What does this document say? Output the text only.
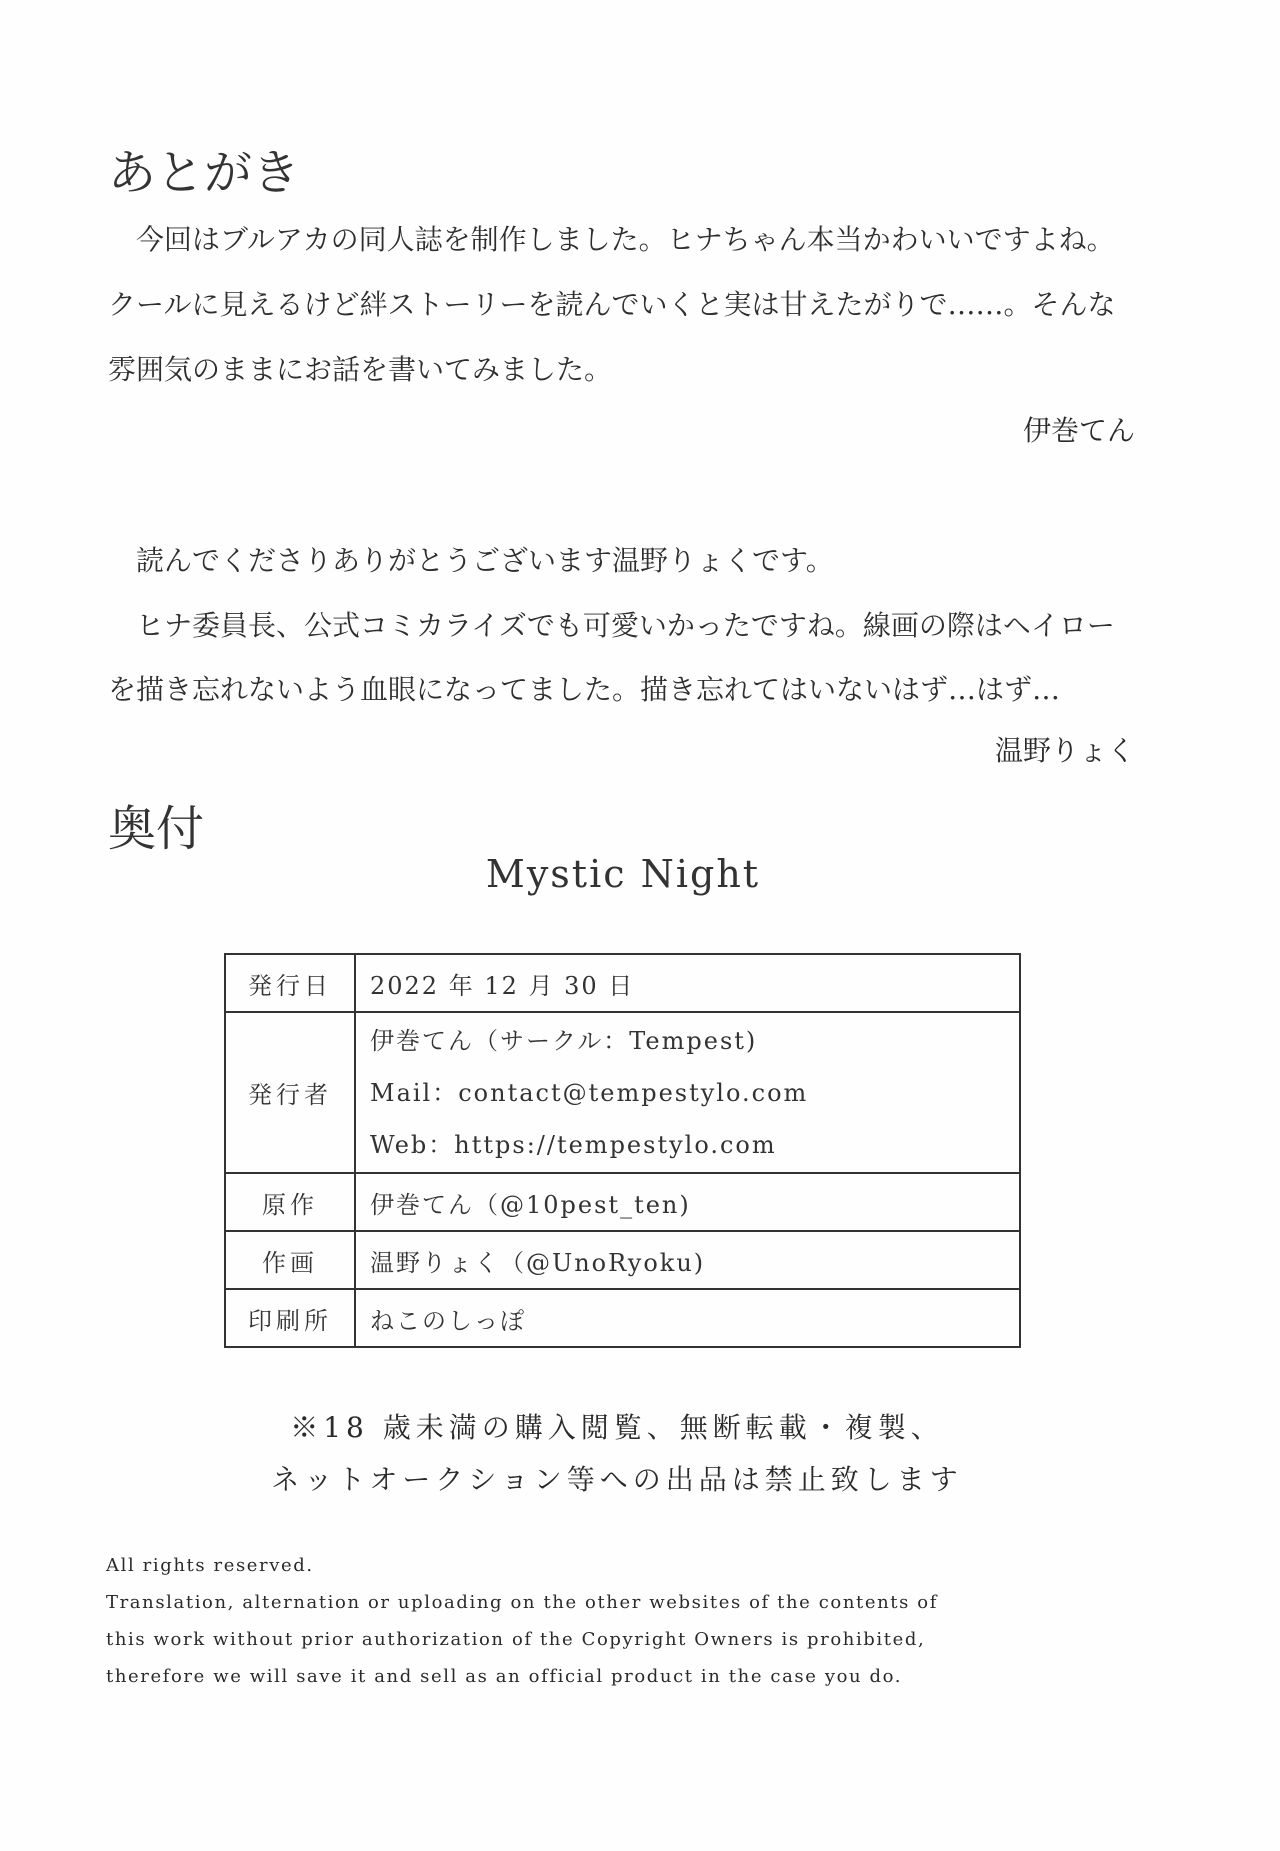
あとがき
　今回はブルアカの同人誌を制作しました。ヒナちゃん本当かわいいですよね。
クールに見えるけど絆ストーリーを読んでいくと実は甘えたがりで……。そんな
雰囲気のままにお話を書いてみました。
伊巻てん
　読んでくださりありがとうございます温野りょくです。
　ヒナ委員長、公式コミカライズでも可愛いかったですね。線画の際はヘイロー
を描き忘れないよう血眼になってました。描き忘れてはいないはず…はず…
温野りょく
奥付
Mystic Night
発行日	2022 年 12 月 30 日
発行者	伊巻てん（サークル：Tempest)
Mail：contact@tempestylo.com
Web：https://tempestylo.com

原作	伊巻てん（@10pest_ten)
作画	温野りょく（@UnoRyoku)
印刷所	ねこのしっぽ
※18 歳未満の購入閲覧、無断転載・複製、
ネットオークション等への出品は禁止致します
All rights reserved.
Translation, alternation or uploading on the other websites of the contents of
this work without prior authorization of the Copyright Owners is prohibited,
therefore we will save it and sell as an official product in the case you do.
